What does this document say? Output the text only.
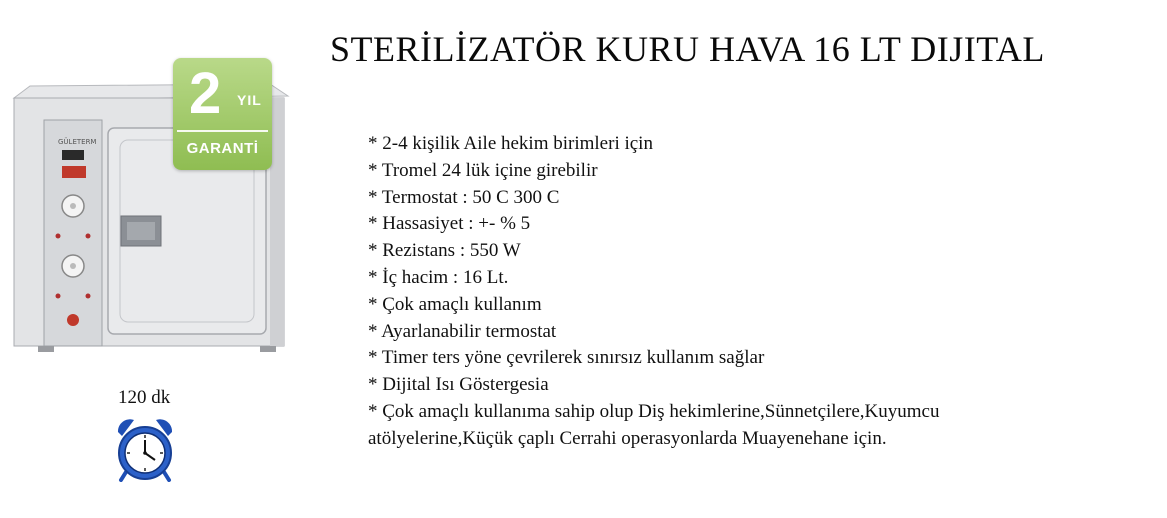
STERİLİZATÖR KURU HAVA 16 LT DIJITAL
GÜLETERM
2 YIL
GARANTİ	* 2-4 kişilik Aile hekim birimleri için
* Tromel 24 lük içine girebilir
* Termostat : 50 C 300 C
* Hassasiyet : +- % 5
* Rezistans : 550 W
* İç hacim : 16 Lt.
* Çok amaçlı kullanım
* Ayarlanabilir termostat
* Timer ters yöne çevrilerek sınırsız kullanım sağlar
* Dijital Isı Göstergesia
* Çok amaçlı kullanıma sahip olup Diş hekimlerine,Sünnetçilere,Kuyumcu atölyelerine,Küçük çaplı Cerrahi operasyonlarda Muayenehane için.
120 dk
